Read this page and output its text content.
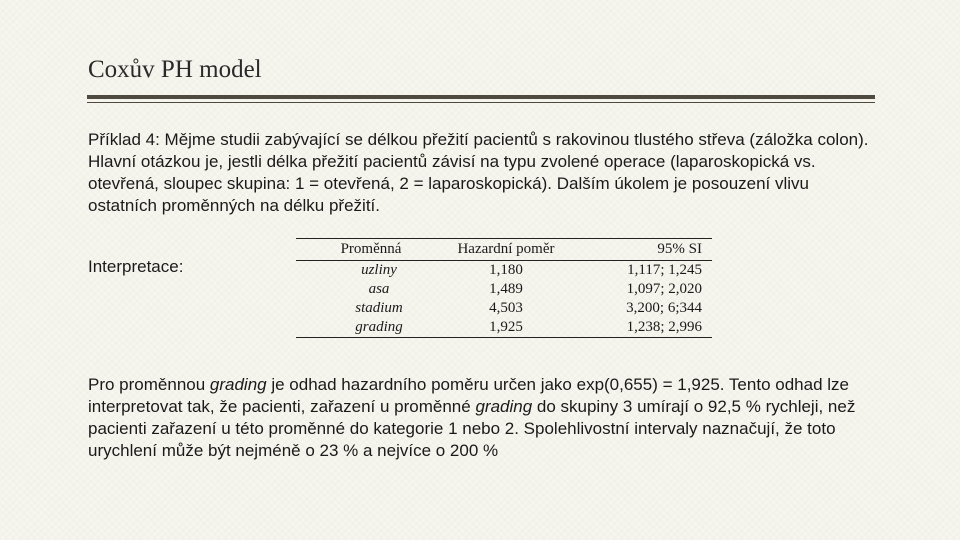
Coxův PH model

Příklad 4: Mějme studii zabývající se délkou přežití pacientů s rakovinou tlustého střeva (záložka colon). Hlavní otázkou je, jestli délka přežití pacientů závisí na typu zvolené operace (laparoskopická vs. otevřená, sloupec skupina: 1 = otevřená, 2 = laparoskopická). Dalším úkolem je posouzení vlivu ostatních proměnných na délku přežití.

Interpretace:

Proměnná	Hazardní poměr	95% SI
uzliny	1,180	1,117; 1,245
asa	1,489	1,097; 2,020
stadium	4,503	3,200; 6;344
grading	1,925	1,238; 2,996

Pro proměnnou grading je odhad hazardního poměru určen jako exp(0,655) = 1,925. Tento odhad lze interpretovat tak, že pacienti, zařazení u proměnné grading do skupiny 3 umírají o 92,5 % rychleji, než pacienti zařazení u této proměnné do kategorie 1 nebo 2. Spolehlivostní intervaly naznačují, že toto urychlení může být nejméně o 23 % a nejvíce o 200 %
